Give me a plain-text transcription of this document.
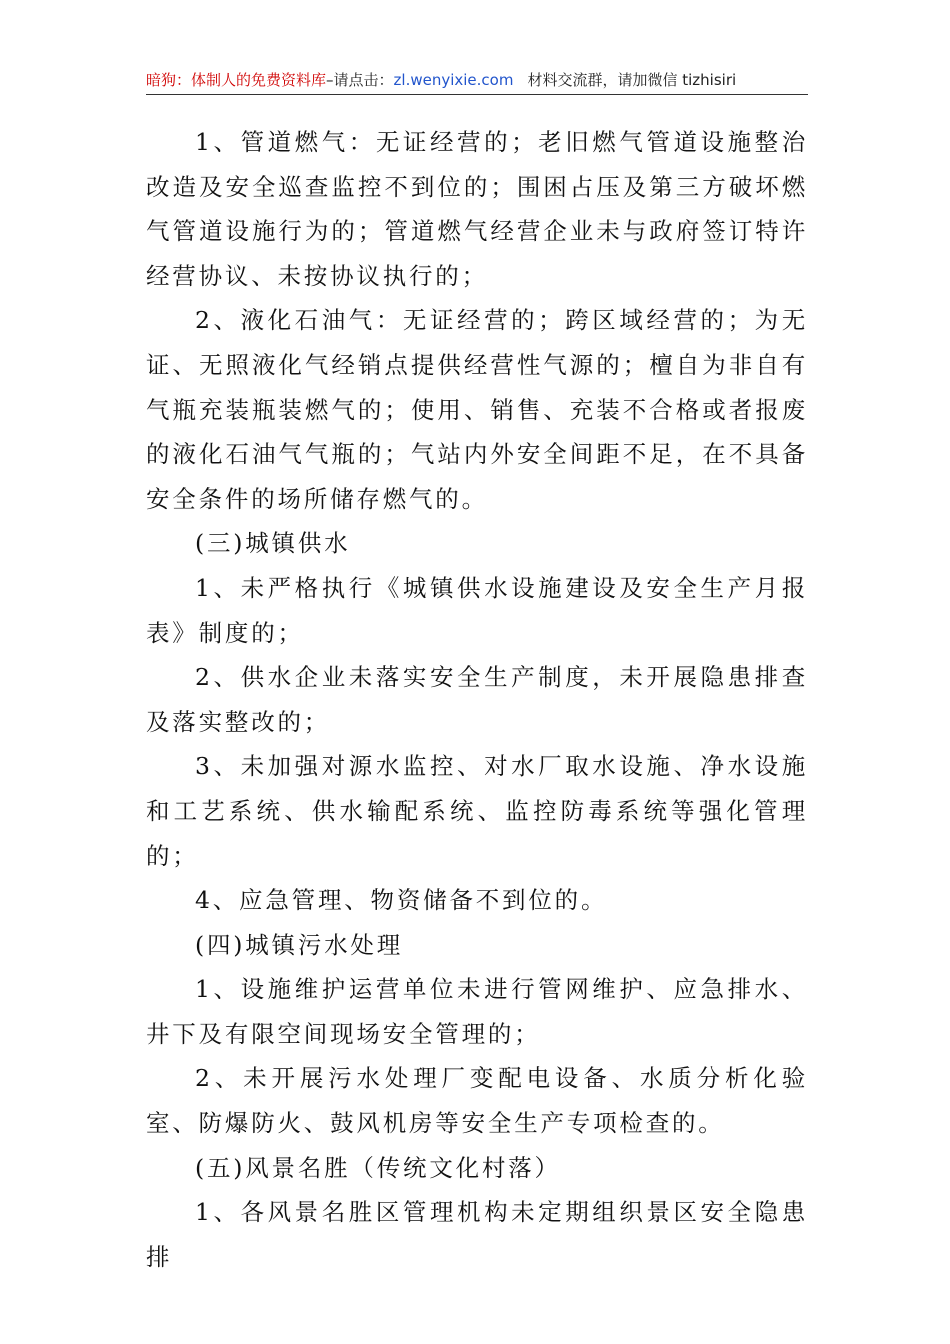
暗狗：体制人的免费资料库–请点击：zl.wenyixie.com 材料交流群，请加微信 tizhisiri

1、管道燃气：无证经营的；老旧燃气管道设施整治改造及安全巡查监控不到位的；围困占压及第三方破坏燃气管道设施行为的；管道燃气经营企业未与政府签订特许经营协议、未按协议执行的；

2、液化石油气：无证经营的；跨区域经营的；为无证、无照液化气经销点提供经营性气源的；檀自为非自有气瓶充装瓶装燃气的；使用、销售、充装不合格或者报废的液化石油气气瓶的；气站内外安全间距不足，在不具备安全条件的场所储存燃气的。

(三)城镇供水

1、未严格执行《城镇供水设施建设及安全生产月报表》制度的；

2、供水企业未落实安全生产制度，未开展隐患排查及落实整改的；

3、未加强对源水监控、对水厂取水设施、净水设施和工艺系统、供水输配系统、监控防毒系统等强化管理的；

4、应急管理、物资储备不到位的。

(四)城镇污水处理

1、设施维护运营单位未进行管网维护、应急排水、井下及有限空间现场安全管理的；

2、未开展污水处理厂变配电设备、水质分析化验室、防爆防火、鼓风机房等安全生产专项检查的。

(五)风景名胜（传统文化村落）

1、各风景名胜区管理机构未定期组织景区安全隐患排
